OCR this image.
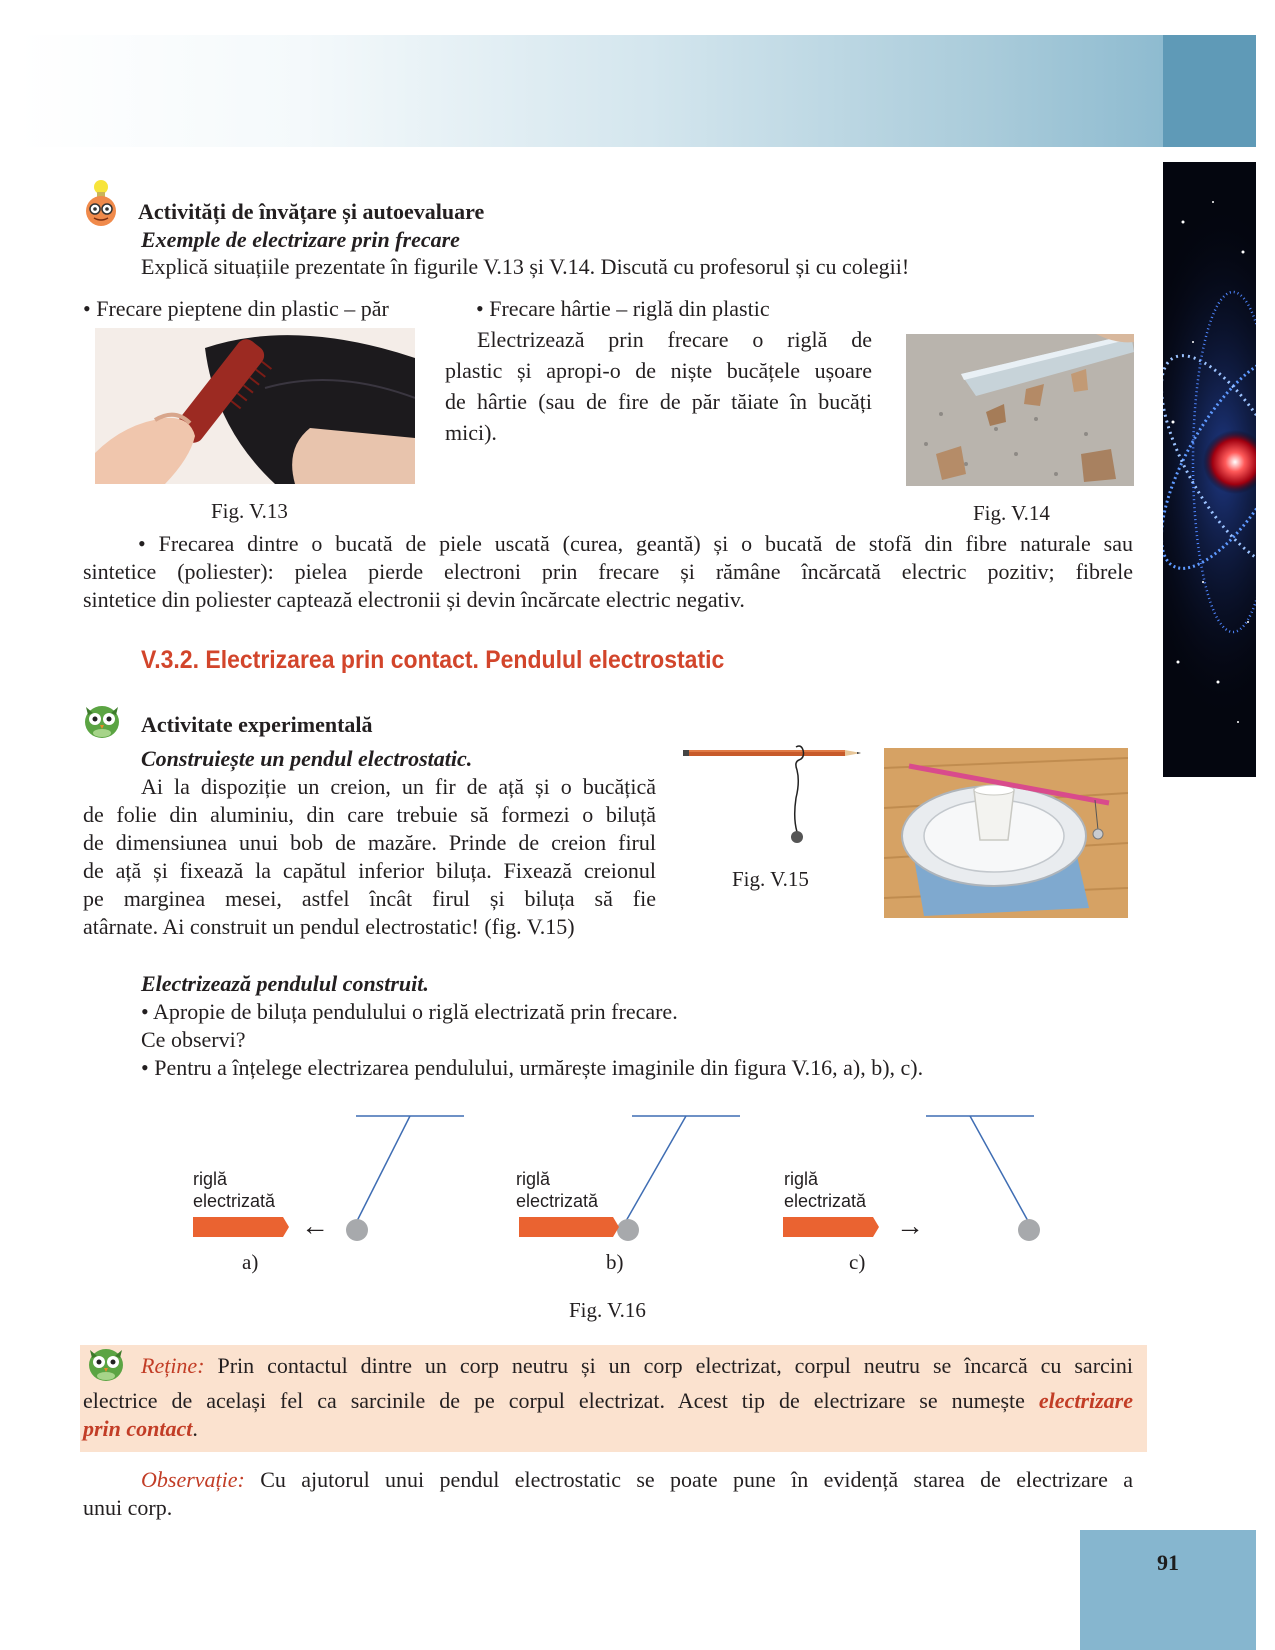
Activități de învățare și autoevaluare
Exemple de electrizare prin frecare
Explică situațiile prezentate în figurile V.13 și V.14. Discută cu profesorul și cu colegii!
• Frecare pieptene din plastic – păr
Fig. V.13
• Frecare hârtie – riglă din plastic
Electrizează prin frecare o riglă de
plastic și apropi-o de niște bucățele ușoare
de hârtie (sau de fire de păr tăiate în bucăți
mici).
Fig. V.14
• Frecarea dintre o bucată de piele uscată (curea, geantă) și o bucată de stofă din fibre naturale sau
sintetice (poliester): pielea pierde electroni prin frecare și rămâne încărcată electric pozitiv; fibrele
sintetice din poliester captează electronii și devin încărcate electric negativ.
V.3.2. Electrizarea prin contact. Pendulul electrostatic
Activitate experimentală
Construiește un pendul electrostatic.
Ai la dispoziție un creion, un fir de ață și o bucățică
de folie din aluminiu, din care trebuie să formezi o biluță
de dimensiunea unui bob de mazăre. Prinde de creion firul
de ață și fixează la capătul inferior biluța. Fixează creionul
pe marginea mesei, astfel încât firul și biluța să fie
atârnate. Ai construit un pendul electrostatic! (fig. V.15)
Fig. V.15
Electrizează pendulul construit.
• Apropie de biluța pendulului o riglă electrizată prin frecare.
Ce observi?
• Pentru a înțelege electrizarea pendulului, urmărește imaginile din figura V.16, a), b), c).
riglă
electrizată
←
a)
riglă
electrizată
b)
riglă
electrizată
→
c)
Fig. V.16
Reține: Prin contactul dintre un corp neutru și un corp electrizat, corpul neutru se încarcă cu sarcini
electrice de același fel ca sarcinile de pe corpul electrizat. Acest tip de electrizare se numește electrizare
prin contact.
Observație: Cu ajutorul unui pendul electrostatic se poate pune în evidență starea de electrizare a
unui corp.
91
